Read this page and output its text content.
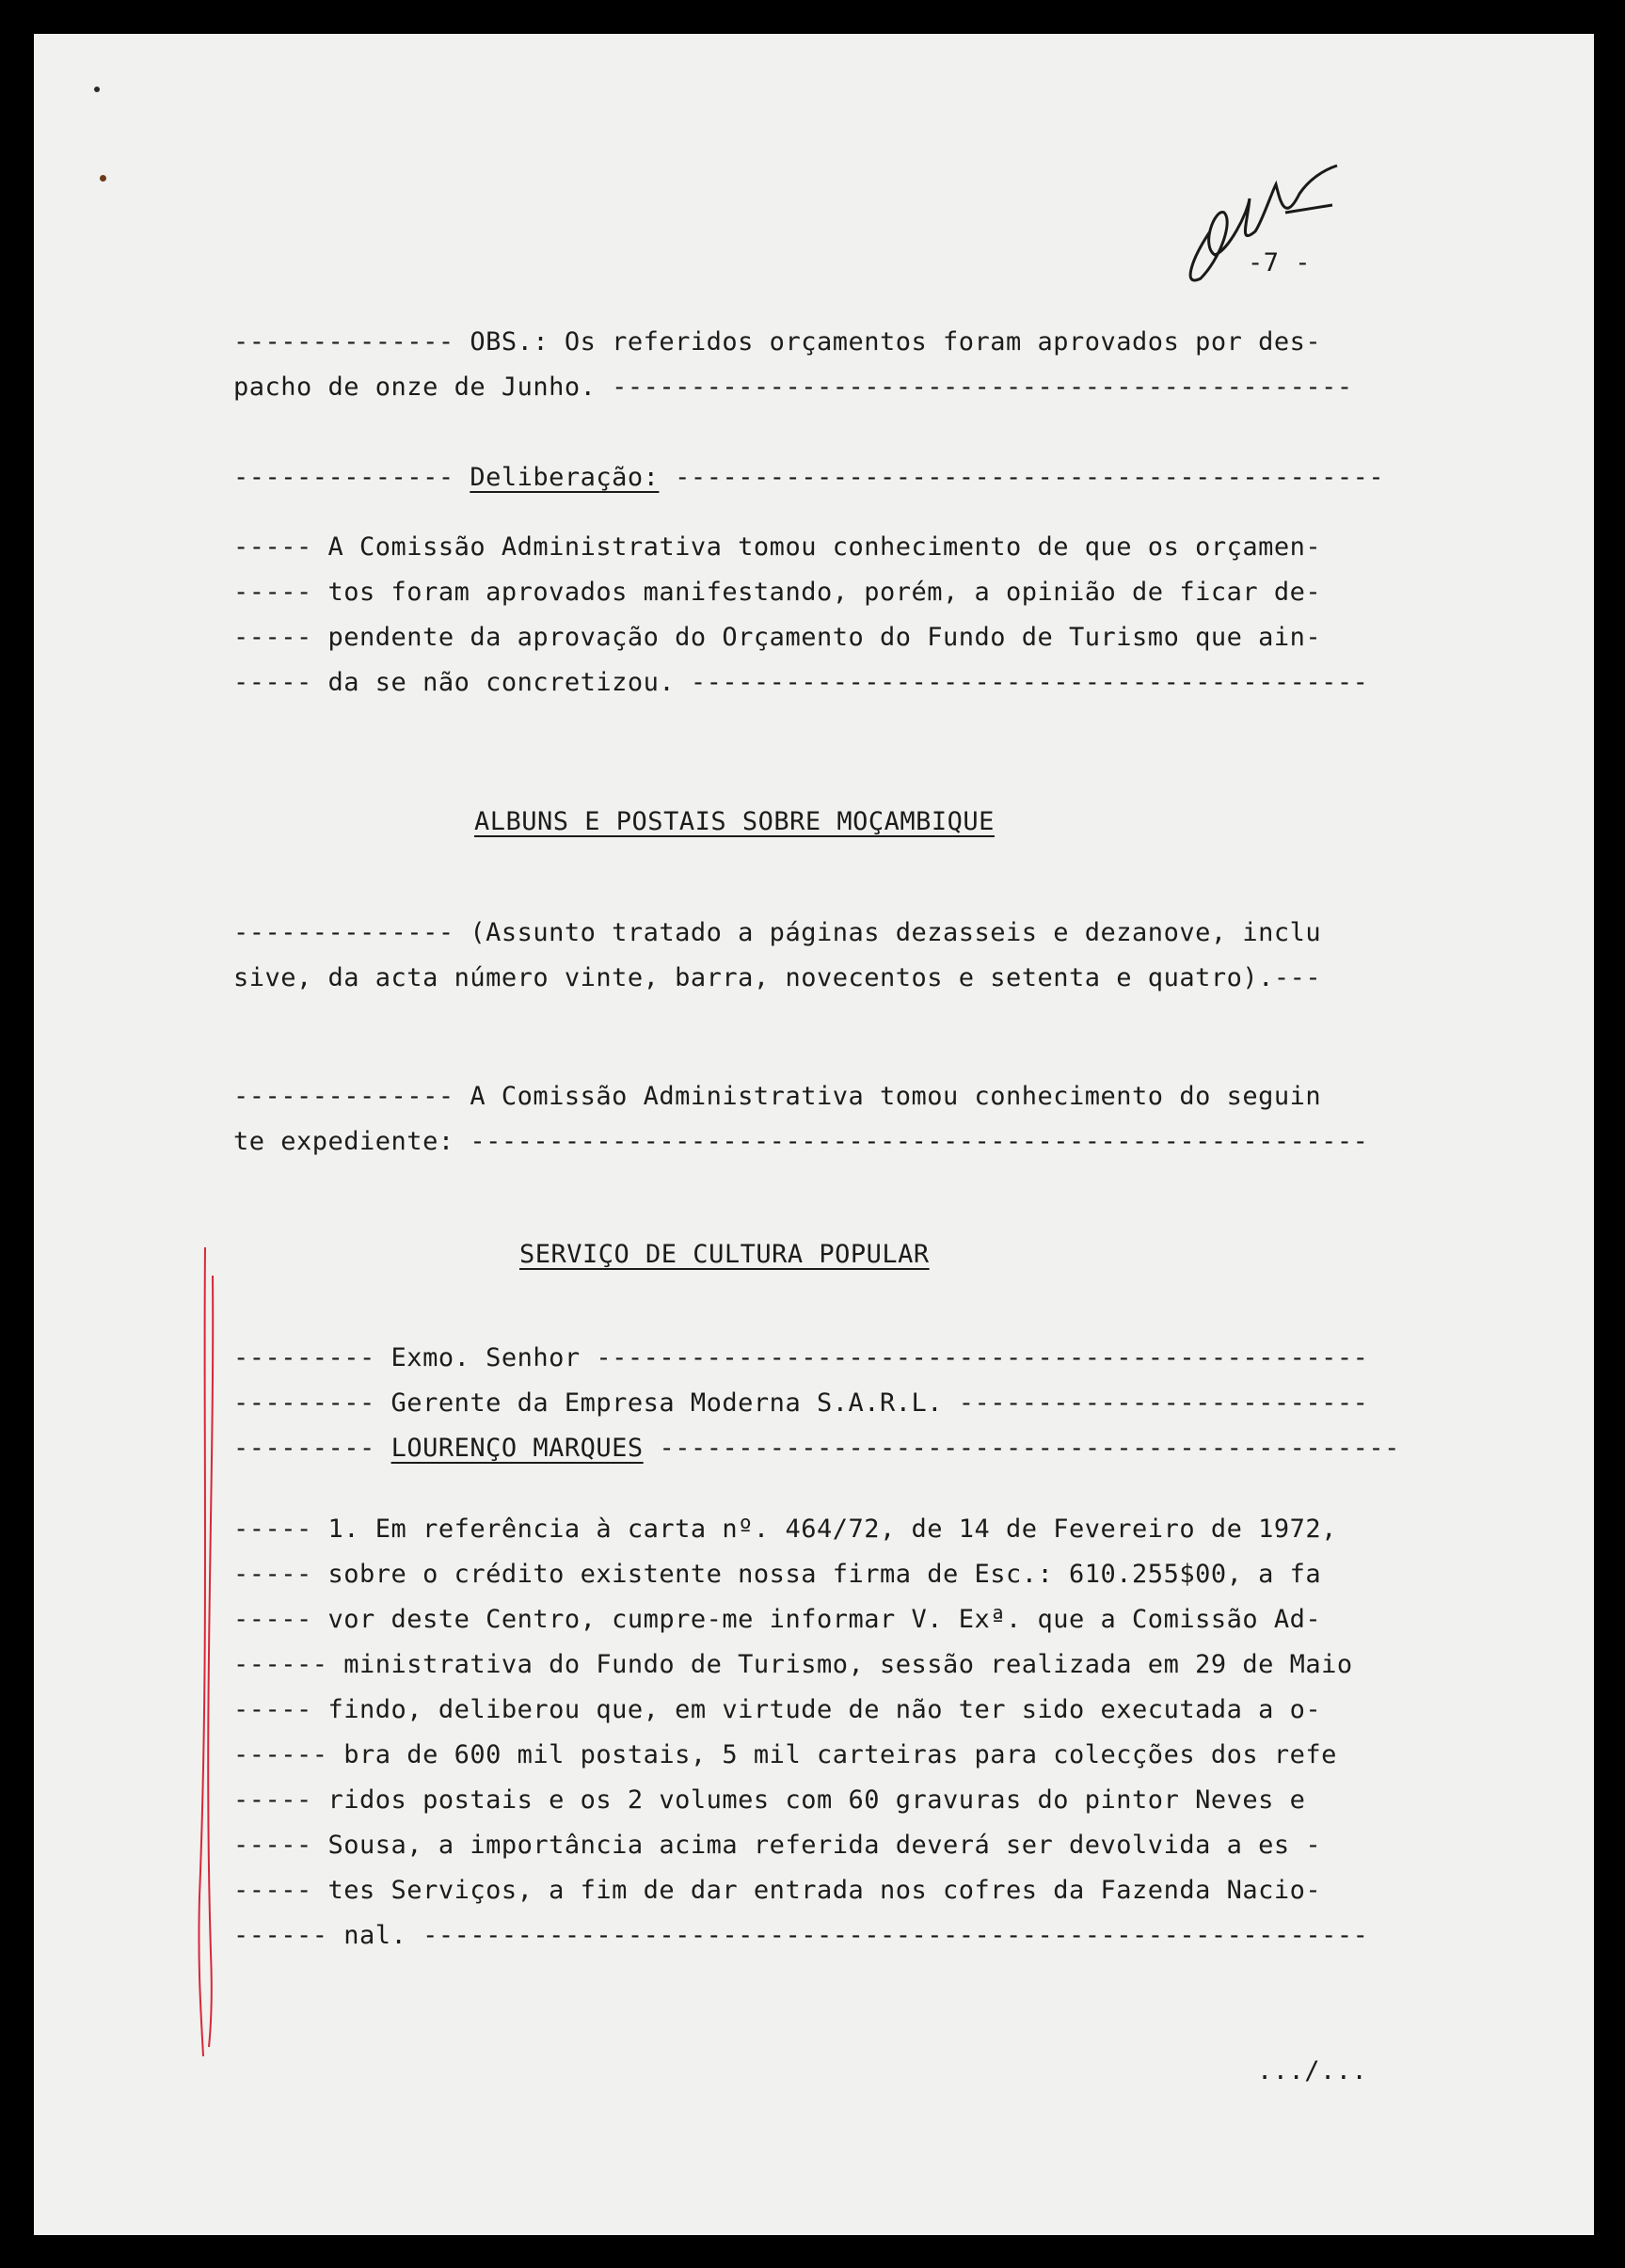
-7 -
-------------- OBS.: Os referidos orçamentos foram aprovados por des-
pacho de onze de Junho. -----------------------------------------------
-------------- Deliberação: ---------------------------------------------
----- A Comissão Administrativa tomou conhecimento de que os orçamen-
----- tos foram aprovados manifestando, porém, a opinião de ficar de-
----- pendente da aprovação do Orçamento do Fundo de Turismo que ain-
----- da se não concretizou. -------------------------------------------
ALBUNS E POSTAIS SOBRE MOÇAMBIQUE
-------------- (Assunto tratado a páginas dezasseis e dezanove, inclu
sive, da acta número vinte, barra, novecentos e setenta e quatro).---
-------------- A Comissão Administrativa tomou conhecimento do seguin
te expediente: ---------------------------------------------------------
SERVIÇO DE CULTURA POPULAR
--------- Exmo. Senhor -------------------------------------------------
--------- Gerente da Empresa Moderna S.A.R.L. --------------------------
--------- LOURENÇO MARQUES -----------------------------------------------
----- 1. Em referência à carta nº. 464/72, de 14 de Fevereiro de 1972,
----- sobre o crédito existente nossa firma de Esc.: 610.255$00, a fa
----- vor deste Centro, cumpre-me informar V. Exª. que a Comissão Ad-
------ ministrativa do Fundo de Turismo, sessão realizada em 29 de Maio
----- findo, deliberou que, em virtude de não ter sido executada a o-
------ bra de 600 mil postais, 5 mil carteiras para colecções dos refe
----- ridos postais e os 2 volumes com 60 gravuras do pintor Neves e
----- Sousa, a importância acima referida deverá ser devolvida a es -
----- tes Serviços, a fim de dar entrada nos cofres da Fazenda Nacio-
------ nal. ------------------------------------------------------------
.../...
